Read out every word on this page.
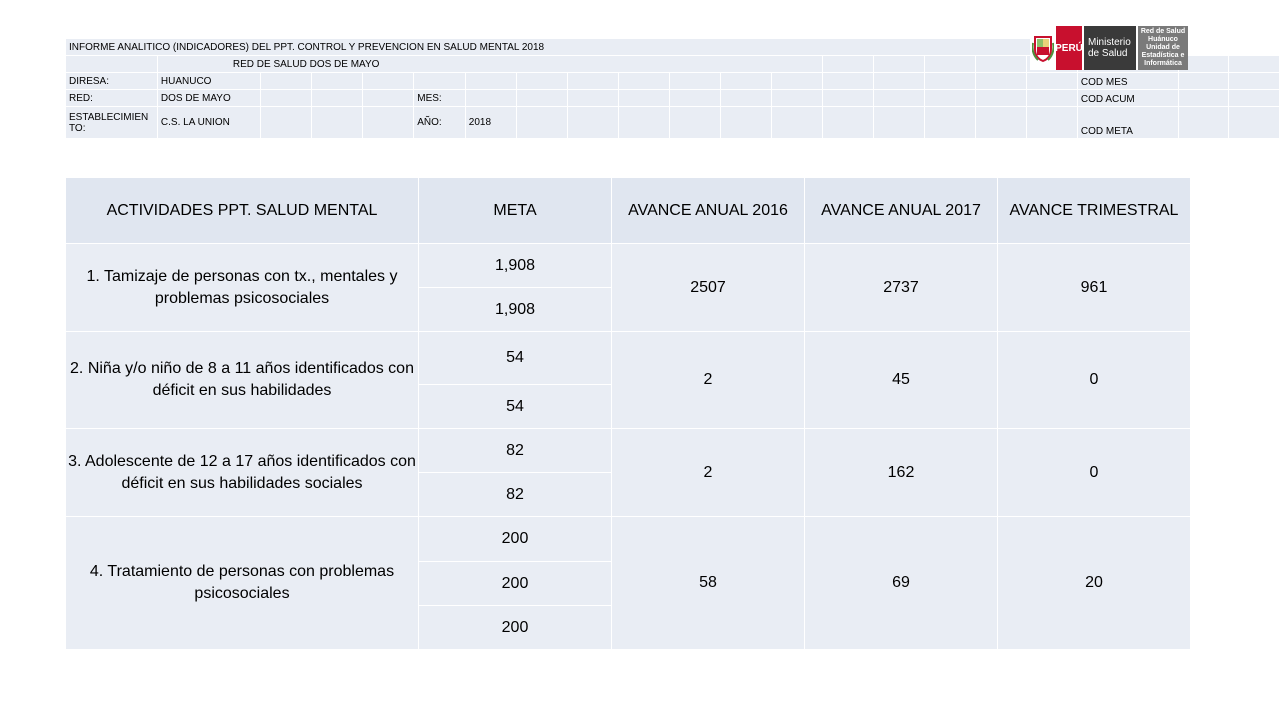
INFORME ANALITICO (INDICADORES) DEL PPT. CONTROL Y PREVENCION EN SALUD MENTAL 2018																				
	RED DE SALUD DOS DE MAYO																			
DIRESA:	HUANUCO																	COD MES		
RED:	DOS DE MAYO				MES:													COD ACUM		
ESTABLECIMIENTO:	C.S. LA UNION				AÑO:	2018												COD META		
PERÚ Ministerio
de Salud
Red de Salud Huánuco Unidad de Estadística e Informática
ACTIVIDADES PPT. SALUD MENTAL	META	AVANCE ANUAL 2016	AVANCE ANUAL 2017	AVANCE TRIMESTRAL
1. Tamizaje de personas con tx., mentales y problemas psicosociales	1,908	2507	2737	961
	1,908			
2. Niña y/o niño de 8 a 11 años identificados con déficit en sus habilidades	54	2	45	0
	54			
3. Adolescente de 12 a 17 años identificados con déficit en sus habilidades sociales	82	2	162	0
	82			
4. Tratamiento de personas con problemas psicosociales	200	58	69	20
	200			
	200			
